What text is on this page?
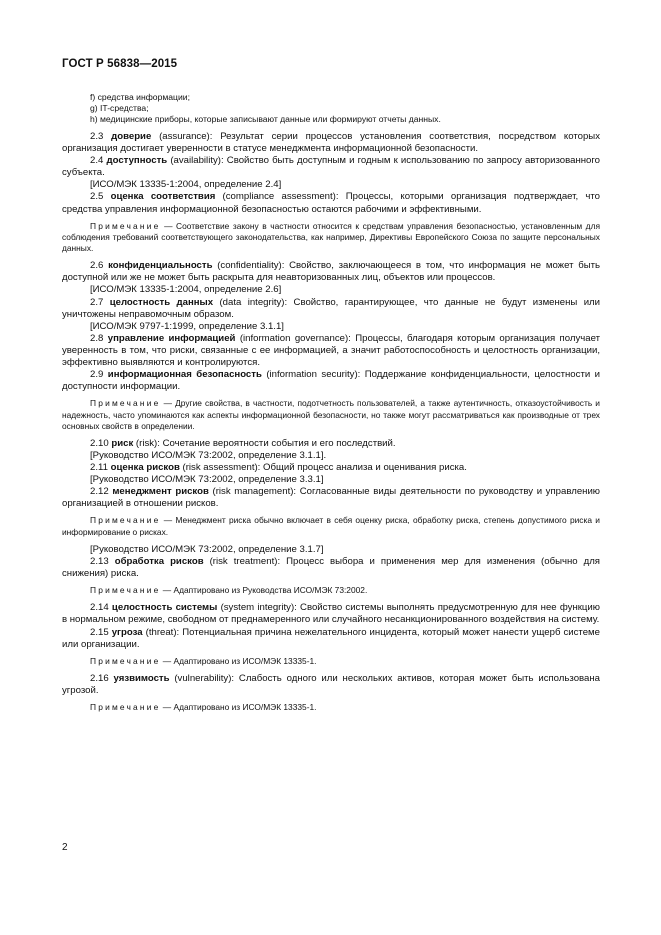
ГОСТ Р 56838—2015

f) средства информации;

g) IT-средства;

h) медицинские приборы, которые записывают данные или формируют отчеты данных.

2.3 доверие (assurance): Результат серии процессов установления соответствия, посредством которых организация достигает уверенности в статусе менеджмента информационной безопасности.

2.4 доступность (availability): Свойство быть доступным и годным к использованию по запросу авторизованного субъекта.

[ИСО/МЭК 13335-1:2004, определение 2.4]

2.5 оценка соответствия (compliance assessment): Процессы, которыми организация подтверждает, что средства управления информационной безопасностью остаются рабочими и эффективными.

Примечание — Соответствие закону в частности относится к средствам управления безопасностью, установленным для соблюдения требований соответствующего законодательства, как например, Директивы Европейского Союза по защите персональных данных.

2.6 конфиденциальность (confidentiality): Свойство, заключающееся в том, что информация не может быть доступной или же не может быть раскрыта для неавторизованных лиц, объектов или процессов.

[ИСО/МЭК 13335-1:2004, определение 2.6]

2.7 целостность данных (data integrity): Свойство, гарантирующее, что данные не будут изменены или уничтожены неправомочным образом.

[ИСО/МЭК 9797-1:1999, определение 3.1.1]

2.8 управление информацией (information governance): Процессы, благодаря которым организация получает уверенность в том, что риски, связанные с ее информацией, а значит работоспособность и целостность организации, эффективно выявляются и контролируются.

2.9 информационная безопасность (information security): Поддержание конфиденциальности, целостности и доступности информации.

Примечание — Другие свойства, в частности, подотчетность пользователей, а также аутентичность, отказоустойчивость и надежность, часто упоминаются как аспекты информационной безопасности, но также могут рассматриваться как производные от трех основных свойств в определении.

2.10 риск (risk): Сочетание вероятности события и его последствий.

[Руководство ИСО/МЭК 73:2002, определение 3.1.1].

2.11 оценка рисков (risk assessment): Общий процесс анализа и оценивания риска.

[Руководство ИСО/МЭК 73:2002, определение 3.3.1]

2.12 менеджмент рисков (risk management): Согласованные виды деятельности по руководству и управлению организацией в отношении рисков.

Примечание — Менеджмент риска обычно включает в себя оценку риска, обработку риска, степень допустимого риска и информирование о рисках.

[Руководство ИСО/МЭК 73:2002, определение 3.1.7]

2.13 обработка рисков (risk treatment): Процесс выбора и применения мер для изменения (обычно для снижения) риска.

Примечание — Адаптировано из Руководства ИСО/МЭК 73:2002.

2.14 целостность системы (system integrity): Свойство системы выполнять предусмотренную для нее функцию в нормальном режиме, свободном от преднамеренного или случайного несанкционированного воздействия на систему.

2.15 угроза (threat): Потенциальная причина нежелательного инцидента, который может нанести ущерб системе или организации.

Примечание — Адаптировано из ИСО/МЭК 13335-1.

2.16 уязвимость (vulnerability): Слабость одного или нескольких активов, которая может быть использована угрозой.

Примечание — Адаптировано из ИСО/МЭК 13335-1.

2
